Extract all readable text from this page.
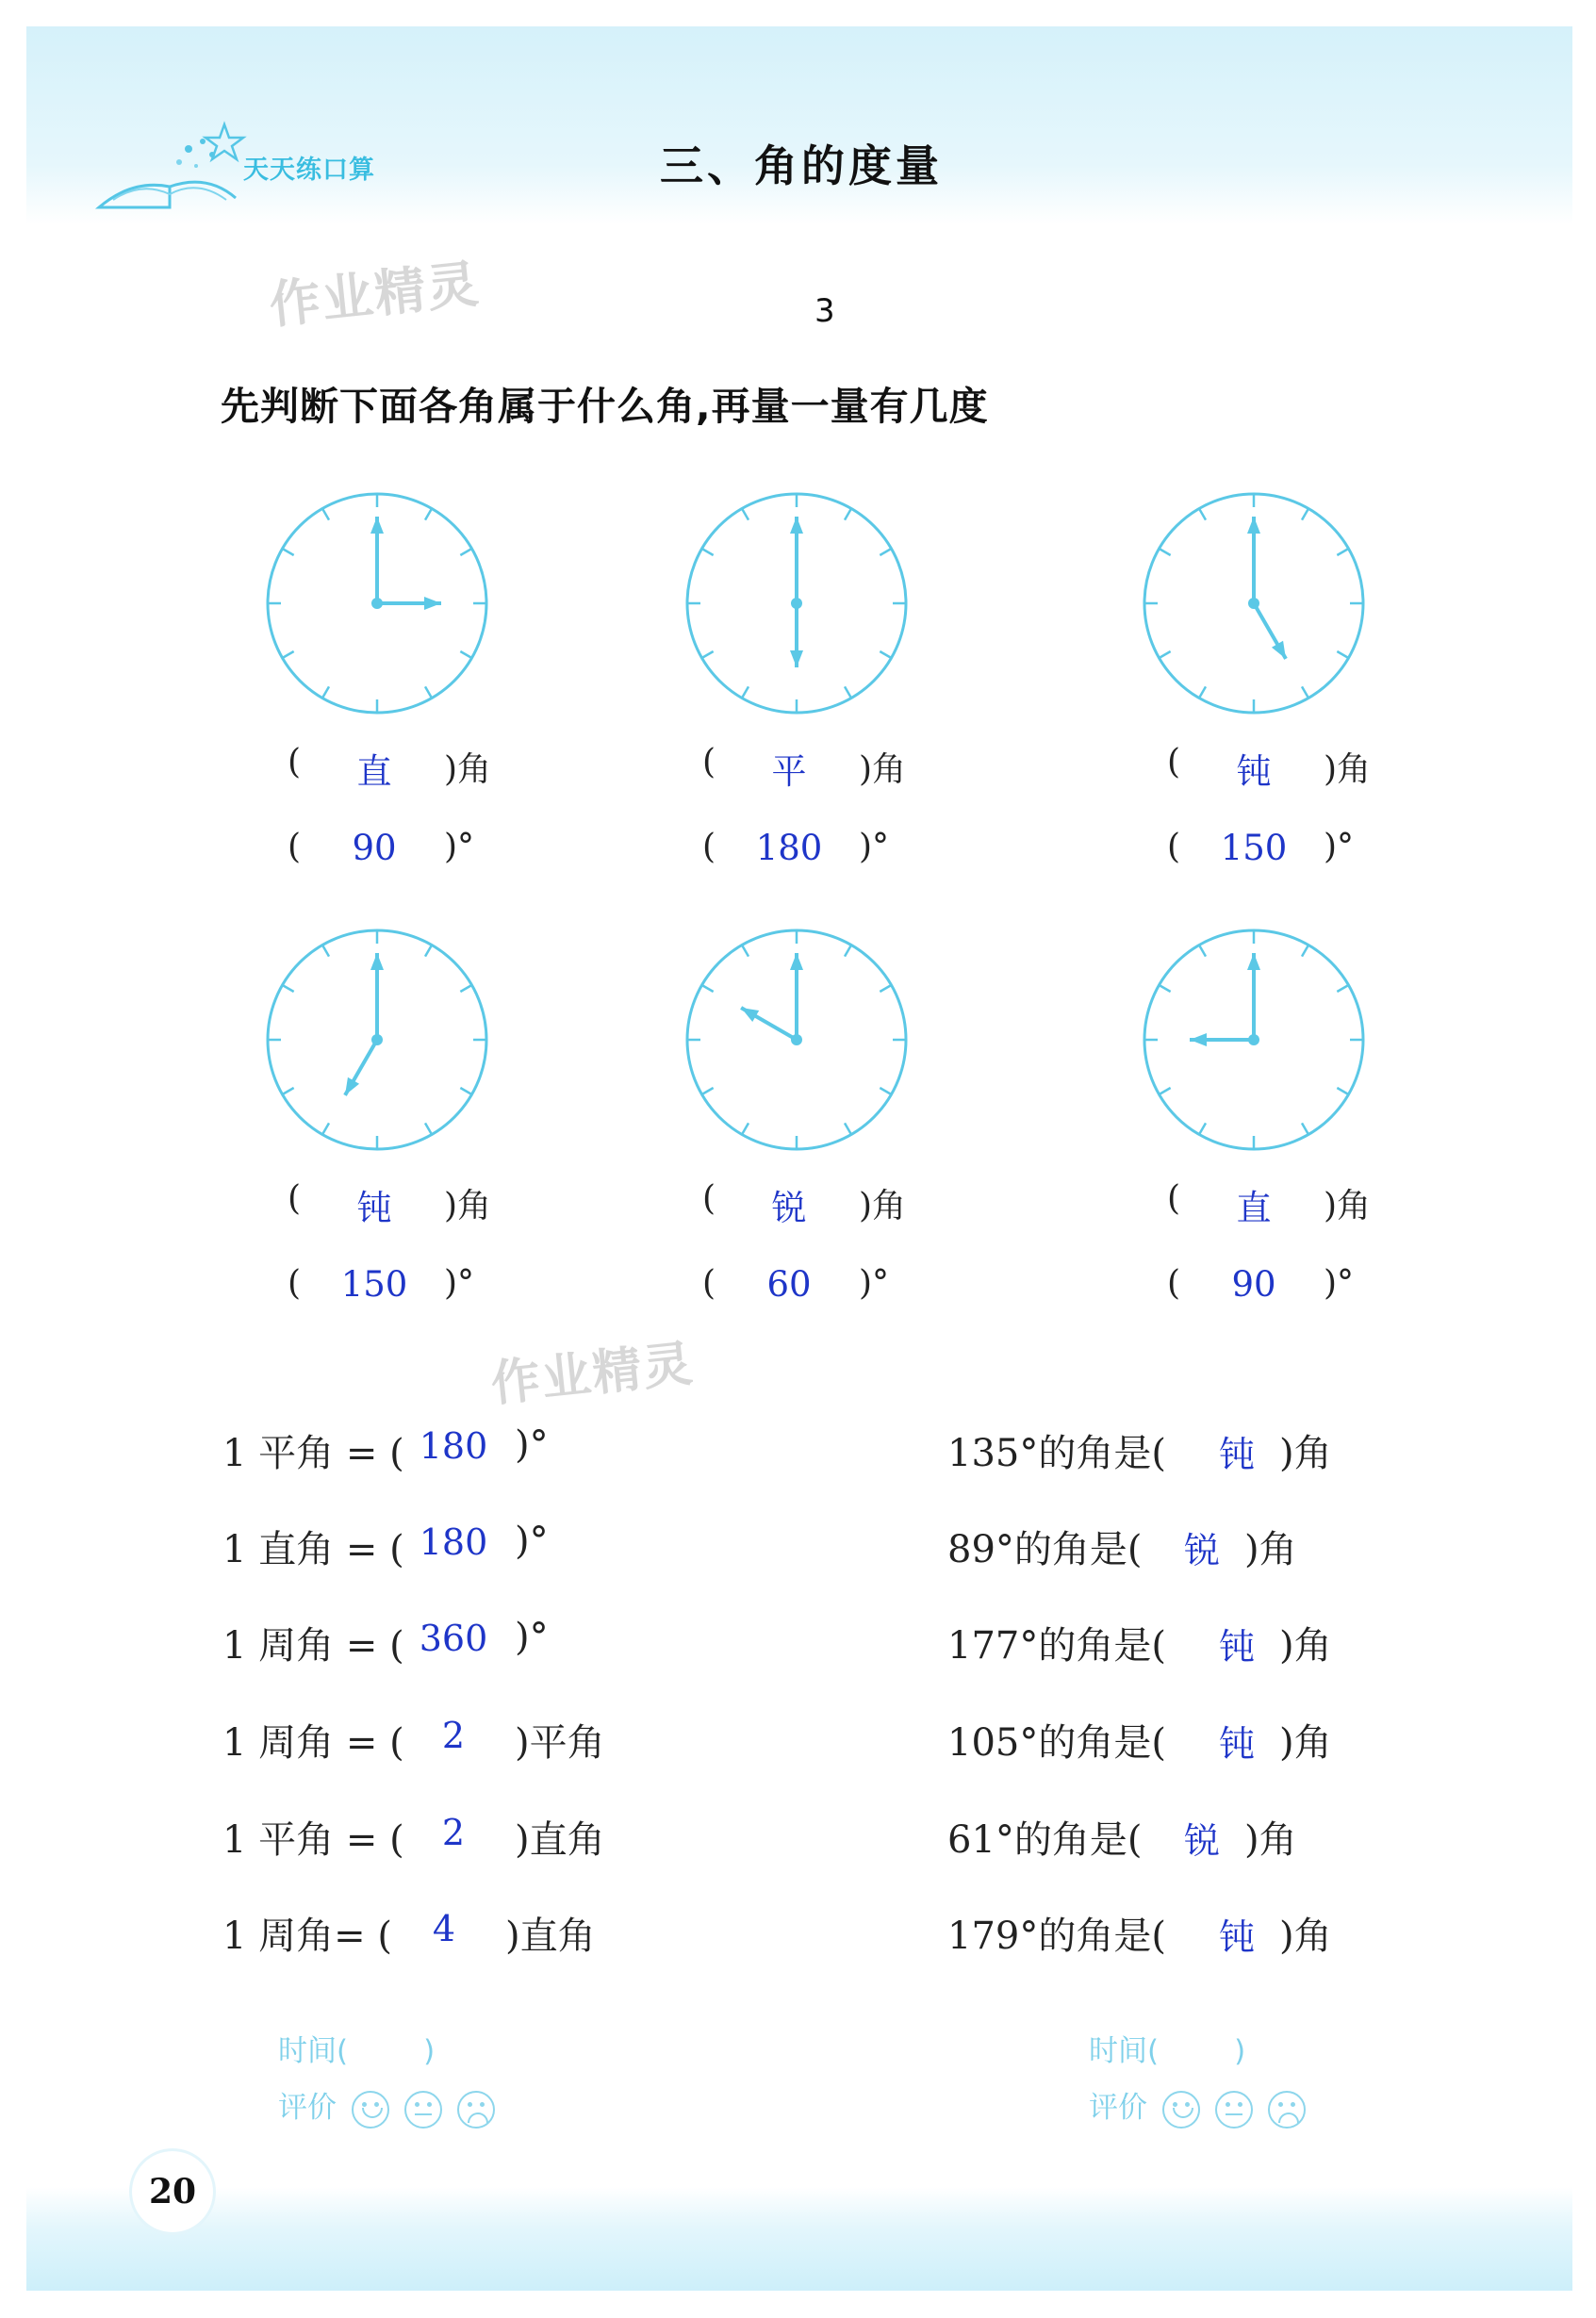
天天练口算	三、角的度量
作业精灵
作业精灵
3
先判断下面各角属于什么角,再量一量有几度
(	直	)角
(	90	)°
(	平	)角
(	180	)°
(	钝	)角
(	150	)°
(	钝	)角
(	150	)°
(	锐	)角
(	60	)°
(	直	)角
(	90	)°
1 平角 = ( 180 )°
1 直角 = ( 180 )°
1 周角 = ( 360 )°
1 周角 = (	2	)平角
1 平角 = (	2	)直角
1 周角= (	4	)直角
135°的角是(	钝 )角
89°的角是(	锐 )角
177°的角是(	钝 )角
105°的角是(	钝 )角
61°的角是(	锐 )角
179°的角是(	钝 )角
时间(	)
评价

时间(	)
评价

20
